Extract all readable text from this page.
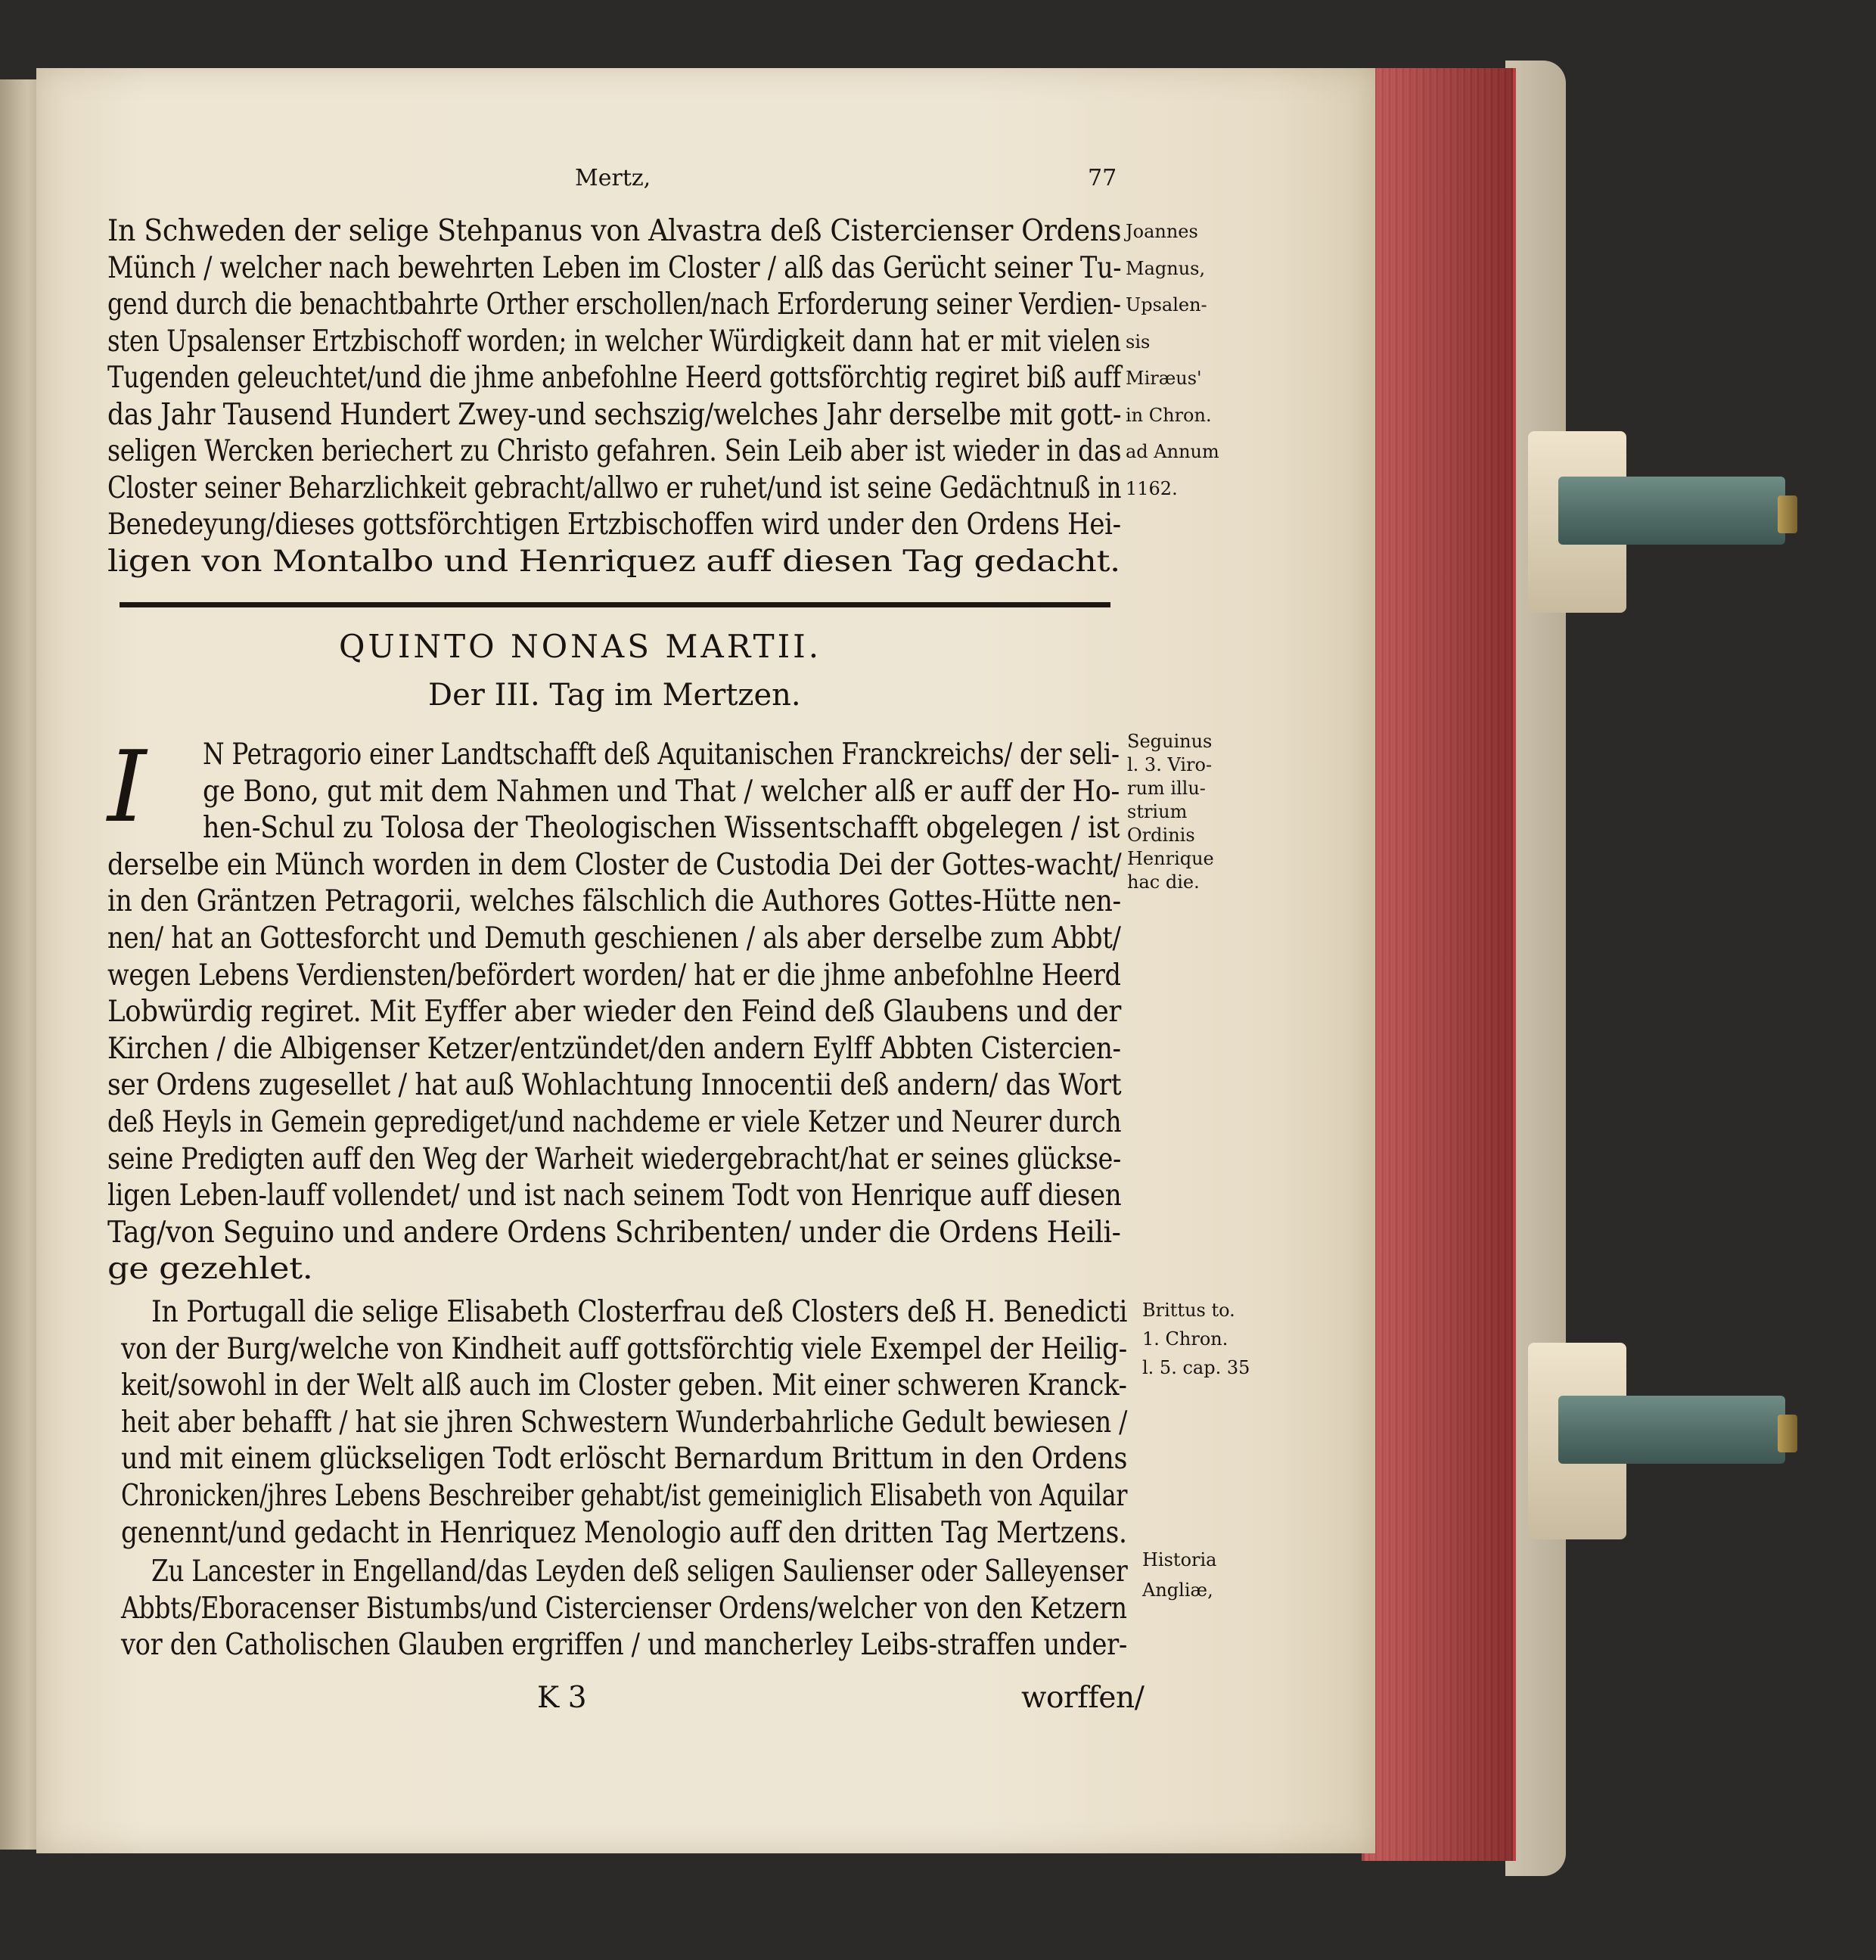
Mertz,	77
In Schweden der selige Stehpanus von Alvastra deß Cistercienser Ordens
Münch / welcher nach bewehrten Leben im Closter / alß das Gerücht seiner Tu-
gend durch die benachtbahrte Orther erschollen/nach Erforderung seiner Verdien-
sten Upsalenser Ertzbischoff worden; in welcher Würdigkeit dann hat er mit vielen
Tugenden geleuchtet/und die jhme anbefohlne Heerd gottsförchtig regiret biß auff
das Jahr Tausend Hundert Zwey-und sechszig/welches Jahr derselbe mit gott-
seligen Wercken beriechert zu Christo gefahren. Sein Leib aber ist wieder in das
Closter seiner Beharzlichkeit gebracht/allwo er ruhet/und ist seine Gedächtnuß in
Benedeyung/dieses gottsförchtigen Ertzbischoffen wird under den Ordens Hei-
ligen von Montalbo und Henriquez auff diesen Tag gedacht.
Joannes
Magnus,
Upsalen-
sis
Miræus'
in Chron.
ad Annum
1162.
QUINTO NONAS MARTII.
Der III. Tag im Mertzen.
I	N Petragorio einer Landtschafft deß Aquitanischen Franckreichs/ der seli-
ge Bono, gut mit dem Nahmen und That / welcher alß er auff der Ho-
hen-Schul zu Tolosa der Theologischen Wissentschafft obgelegen / ist
derselbe ein Münch worden in dem Closter de Custodia Dei der Gottes-wacht/
in den Gräntzen Petragorii, welches fälschlich die Authores Gottes-Hütte nen-
nen/ hat an Gottesforcht und Demuth geschienen / als aber derselbe zum Abbt/
wegen Lebens Verdiensten/befördert worden/ hat er die jhme anbefohlne Heerd
Lobwürdig regiret. Mit Eyffer aber wieder den Feind deß Glaubens und der
Kirchen / die Albigenser Ketzer/entzündet/den andern Eylff Abbten Cistercien-
ser Ordens zugesellet / hat auß Wohlachtung Innocentii deß andern/ das Wort
deß Heyls in Gemein geprediget/und nachdeme er viele Ketzer und Neurer durch
seine Predigten auff den Weg der Warheit wiedergebracht/hat er seines glückse-
ligen Leben-lauff vollendet/ und ist nach seinem Todt von Henrique auff diesen
Tag/von Seguino und andere Ordens Schribenten/ under die Ordens Heili-
ge gezehlet.
Seguinus
l. 3. Viro-
rum illu-
strium
Ordinis
Henrique
hac die.
In Portugall die selige Elisabeth Closterfrau deß Closters deß H. Benedicti
von der Burg/welche von Kindheit auff gottsförchtig viele Exempel der Heilig-
keit/sowohl in der Welt alß auch im Closter geben. Mit einer schweren Kranck-
heit aber behafft / hat sie jhren Schwestern Wunderbahrliche Gedult bewiesen /
und mit einem glückseligen Todt erlöscht Bernardum Brittum in den Ordens
Chronicken/jhres Lebens Beschreiber gehabt/ist gemeiniglich Elisabeth von Aquilar
genennt/und gedacht in Henriquez Menologio auff den dritten Tag Mertzens.
Brittus to.
1. Chron.
l. 5. cap. 35
Zu Lancester in Engelland/das Leyden deß seligen Saulienser oder Salleyenser
Abbts/Eboracenser Bistumbs/und Cistercienser Ordens/welcher von den Ketzern
vor den Catholischen Glauben ergriffen / und mancherley Leibs-straffen under-
Historia
Angliæ,
K 3	worffen/
